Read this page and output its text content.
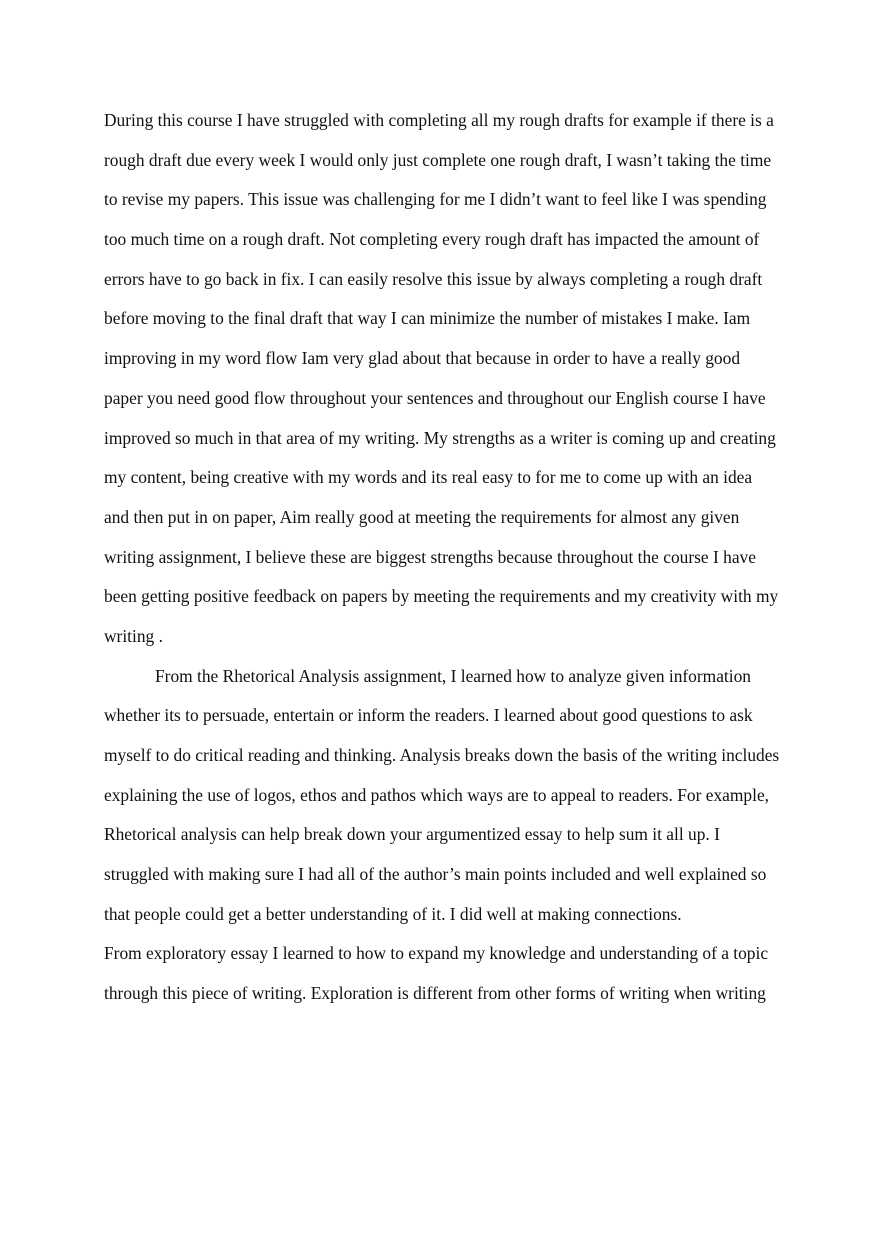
During this course I have struggled with completing all my rough drafts for example if there is a
rough draft due every week I would only just complete one rough draft, I wasn’t taking the time
to revise my papers. This issue was challenging for me I didn’t want to feel like I was spending
too much time on a rough draft. Not completing every rough draft has impacted the amount of
errors have to go back in fix. I can easily resolve this issue by always completing a rough draft
before moving to the final draft that way I can minimize the number of mistakes I make. Iam
improving in my word flow Iam very glad about that because in order to have a really good
paper you need good flow throughout your sentences and throughout our English course I have
improved so much in that area of my writing. My strengths as a writer is coming up and creating
my content, being creative with my words and its real easy to for me to come up with an idea
and then put in on paper, Aim really good at meeting the requirements for almost any given
writing assignment, I believe these are biggest strengths because throughout the course I have
been getting positive feedback on papers by meeting the requirements and my creativity with my
writing .
From the Rhetorical Analysis assignment, I learned how to analyze given information
whether its to persuade, entertain or inform the readers. I learned about good questions to ask
myself to do critical reading and thinking. Analysis breaks down the basis of the writing includes
explaining the use of logos, ethos and pathos which ways are to appeal to readers. For example,
Rhetorical analysis can help break down your argumentized essay to help sum it all up. I
struggled with making sure I had all of the author’s main points included and well explained so
that people could get a better understanding of it. I did well at making connections.
From exploratory essay I learned to how to expand my knowledge and understanding of a topic
through this piece of writing. Exploration is different from other forms of writing when writing
